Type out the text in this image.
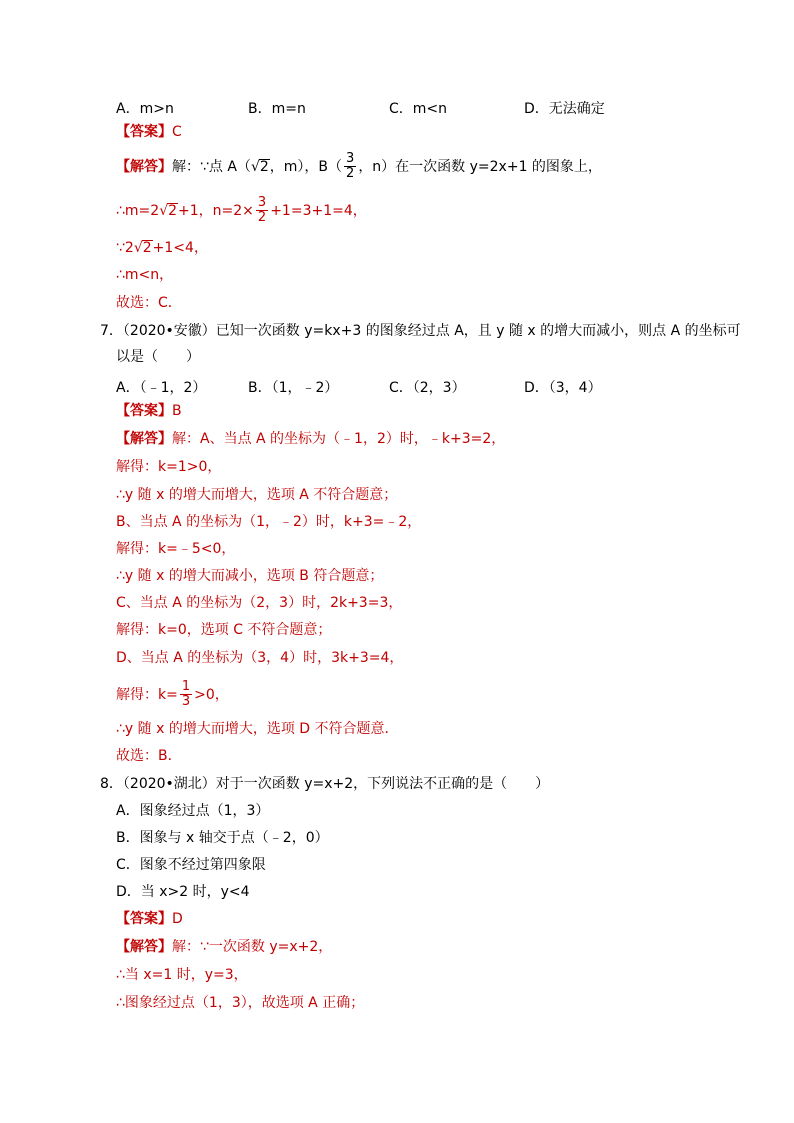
A．m>n	B．m=n	C．m<n	D．无法确定
【答案】C
【解答】解：∵点 A（√2，m），$B( \frac{3}{2}$ ，n）在一次函数 y=2x+1 的图象上，
∴m=2√2+1，$n=2\times \frac{3}{2} +1=3+1=4$，
∵2√2+1<4，
∴m<n，
故选：C．
7．（2020•安徽）已知一次函数 y=kx+3 的图象经过点 A，且 y 随 x 的增大而减小，则点 A 的坐标可
以是（　　）
A．（﹣1，2）	B．（1，﹣2）	C．（2，3）	D．（3，4）
【答案】B
【解答】解：A、当点 A 的坐标为（﹣1，2）时，﹣k+3=2，
解得：k=1>0，
∴y 随 x 的增大而增大，选项 A 不符合题意；
B、当点 A 的坐标为（1，﹣2）时，k+3=﹣2，
解得：k=﹣5<0，
∴y 随 x 的增大而减小，选项 B 符合题意；
C、当点 A 的坐标为（2，3）时，2k+3=3，
解得：k=0，选项 C 不符合题意；
D、当点 A 的坐标为（3，4）时，3k+3=4，
解得：$k= \frac{1}{3} >0$，
∴y 随 x 的增大而增大，选项 D 不符合题意．
故选：B．
8．（2020•湖北）对于一次函数 y=x+2，下列说法不正确的是（　　）
A．图象经过点（1，3）
B．图象与 x 轴交于点（﹣2，0）
C．图象不经过第四象限
D．当 x>2 时，y<4
【答案】D
【解答】解：∵一次函数 y=x+2，
∴当 x=1 时，y=3，
∴图象经过点（1，3），故选项 A 正确；
